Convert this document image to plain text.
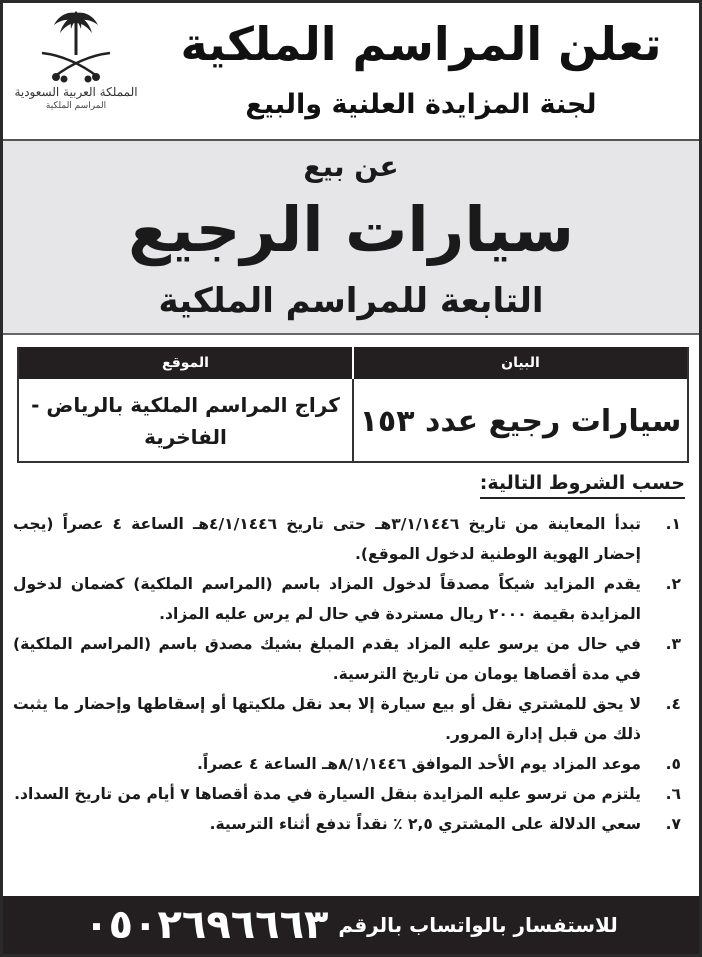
المملكة العربية السعودية
المراسم الملكية
تعلن المراسم الملكية
لجنة المزايدة العلنية والبيع
عن بيع
سيارات الرجيع
التابعة للمراسم الملكية
البيان
الموقع
سيارات رجيع عدد ١٥٣
كراج المراسم الملكية بالرياض - الفاخرية
حسب الشروط التالية:
١.
تبدأ المعاينة من تاريخ ٣/١/١٤٤٦هـ حتى تاريخ ٤/١/١٤٤٦هـ الساعة ٤ عصراً (يجب إحضار الهوية الوطنية لدخول الموقع).
٢.
يقدم المزايد شيكاً مصدقاً لدخول المزاد باسم (المراسم الملكية) كضمان لدخول المزايدة بقيمة ٢٠٠٠ ريال مستردة في حال لم يرس عليه المزاد.
٣.
في حال من يرسو عليه المزاد يقدم المبلغ بشيك مصدق باسم (المراسم الملكية) في مدة أقصاها يومان من تاريخ الترسية.
٤.
لا يحق للمشتري نقل أو بيع سيارة إلا بعد نقل ملكيتها أو إسقاطها وإحضار ما يثبت ذلك من قبل إدارة المرور.
٥.
موعد المزاد يوم الأحد الموافق ٨/١/١٤٤٦هـ الساعة ٤ عصراً.
٦.
يلتزم من ترسو عليه المزايدة بنقل السيارة في مدة أقصاها ٧ أيام من تاريخ السداد.
٧.
سعي الدلالة على المشتري ٢,٥ ٪ نقداً تدفع أثناء الترسية.
للاستفسار بالواتساب بالرقم
٠٥٠٢٦٩٦٦٦٣
